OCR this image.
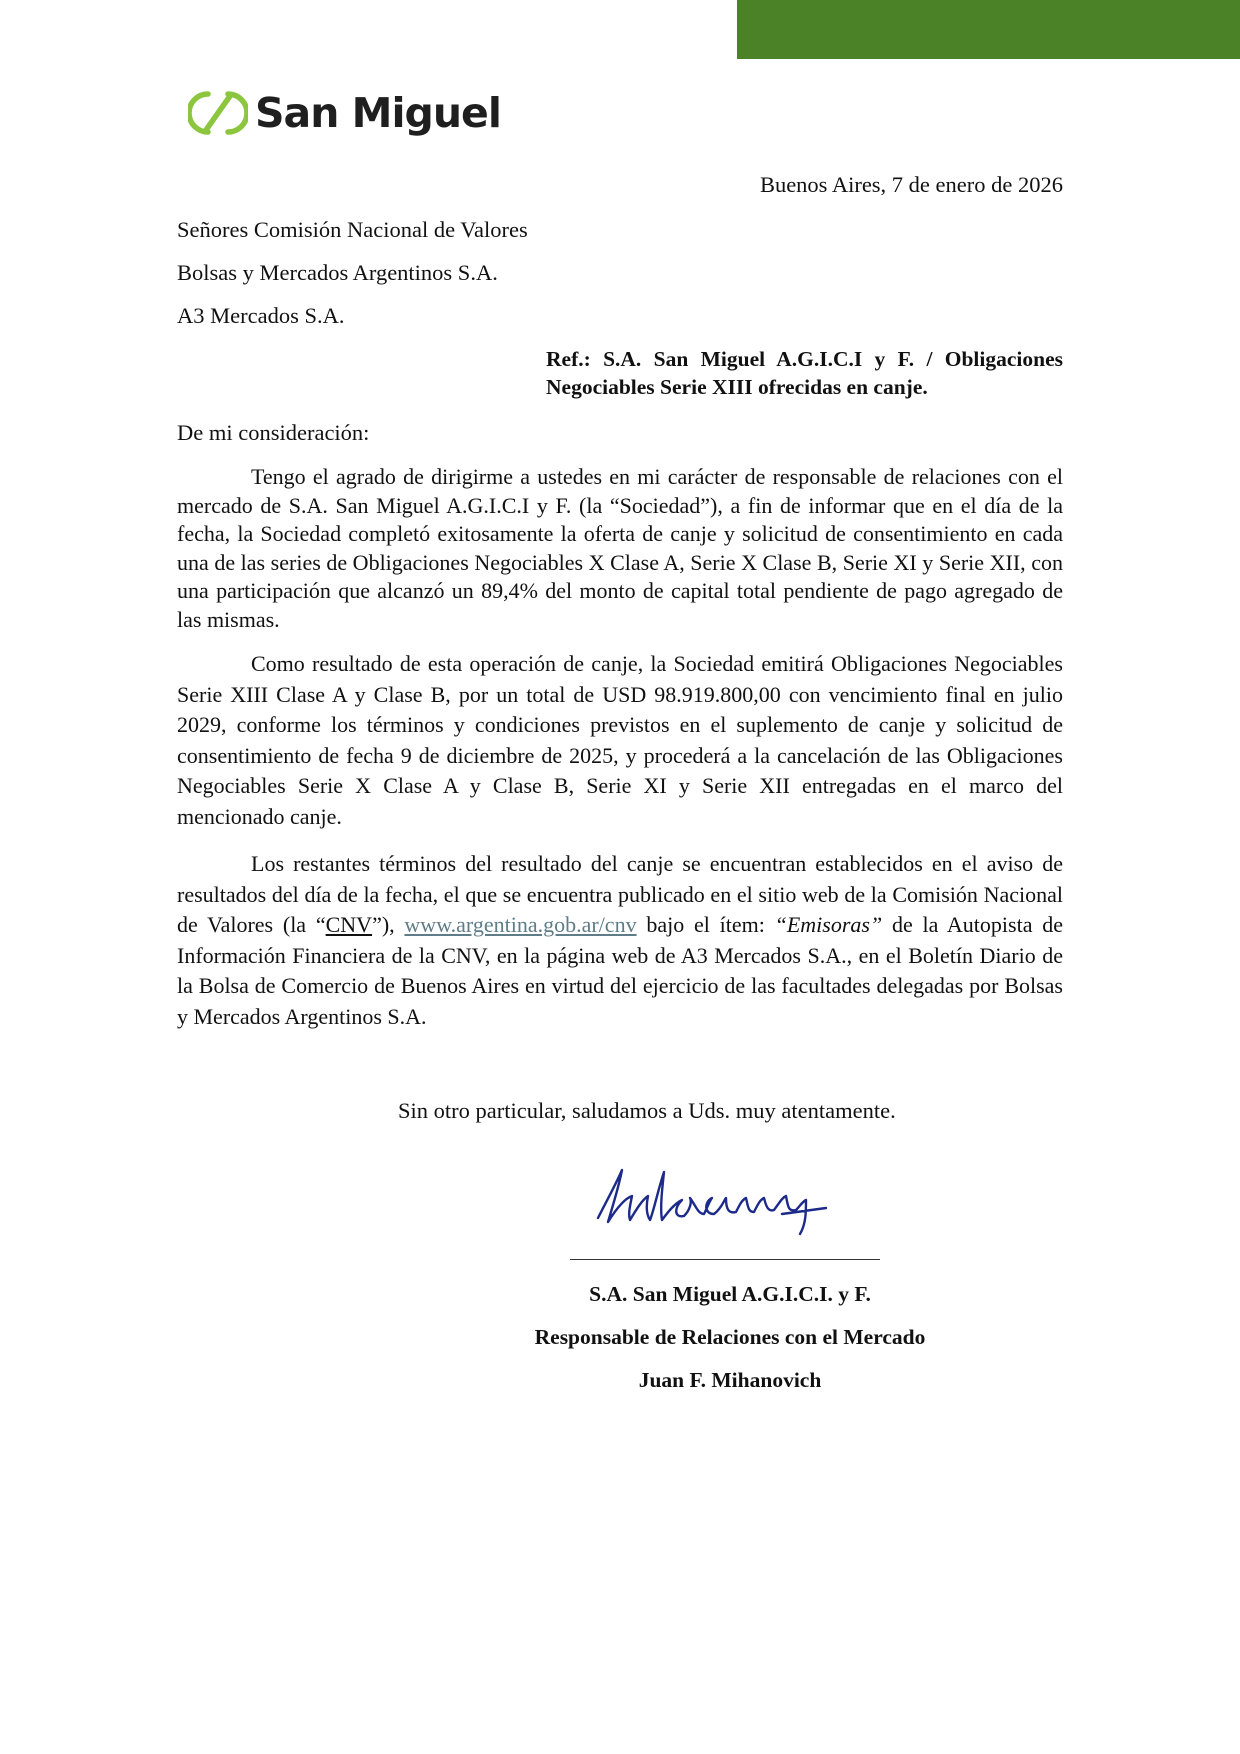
San Miguel
Buenos Aires, 7 de enero de 2026
Señores Comisión Nacional de Valores
Bolsas y Mercados Argentinos S.A.
A3 Mercados S.A.
Ref.: S.A. San Miguel A.G.I.C.I y F. / Obligaciones
Negociables Serie XIII ofrecidas en canje.
De mi consideración:

Tengo el agrado de dirigirme a ustedes en mi carácter de responsable de relaciones con el mercado de S.A. San Miguel A.G.I.C.I y F. (la “Sociedad”), a fin de informar que en el día de la fecha, la Sociedad completó exitosamente la oferta de canje y solicitud de consentimiento en cada una de las series de Obligaciones Negociables X Clase A, Serie X Clase B, Serie XI y Serie XII, con una participación que alcanzó un 89,4% del monto de capital total pendiente de pago agregado de las mismas.

Como resultado de esta operación de canje, la Sociedad emitirá Obligaciones Negociables Serie XIII Clase A y Clase B, por un total de USD 98.919.800,00 con vencimiento final en julio 2029, conforme los términos y condiciones previstos en el suplemento de canje y solicitud de consentimiento de fecha 9 de diciembre de 2025, y procederá a la cancelación de las Obligaciones Negociables Serie X Clase A y Clase B, Serie XI y Serie XII entregadas en el marco del mencionado canje.

Los restantes términos del resultado del canje se encuentran establecidos en el aviso de resultados del día de la fecha, el que se encuentra publicado en el sitio web de la Comisión Nacional de Valores (la “CNV”), www.argentina.gob.ar/cnv bajo el ítem: “Emisoras” de la Autopista de Información Financiera de la CNV, en la página web de A3 Mercados S.A., en el Boletín Diario de la Bolsa de Comercio de Buenos Aires en virtud del ejercicio de las facultades delegadas por Bolsas y Mercados Argentinos S.A.

Sin otro particular, saludamos a Uds. muy atentamente.
S.A. San Miguel A.G.I.C.I. y F.
Responsable de Relaciones con el Mercado
Juan F. Mihanovich
